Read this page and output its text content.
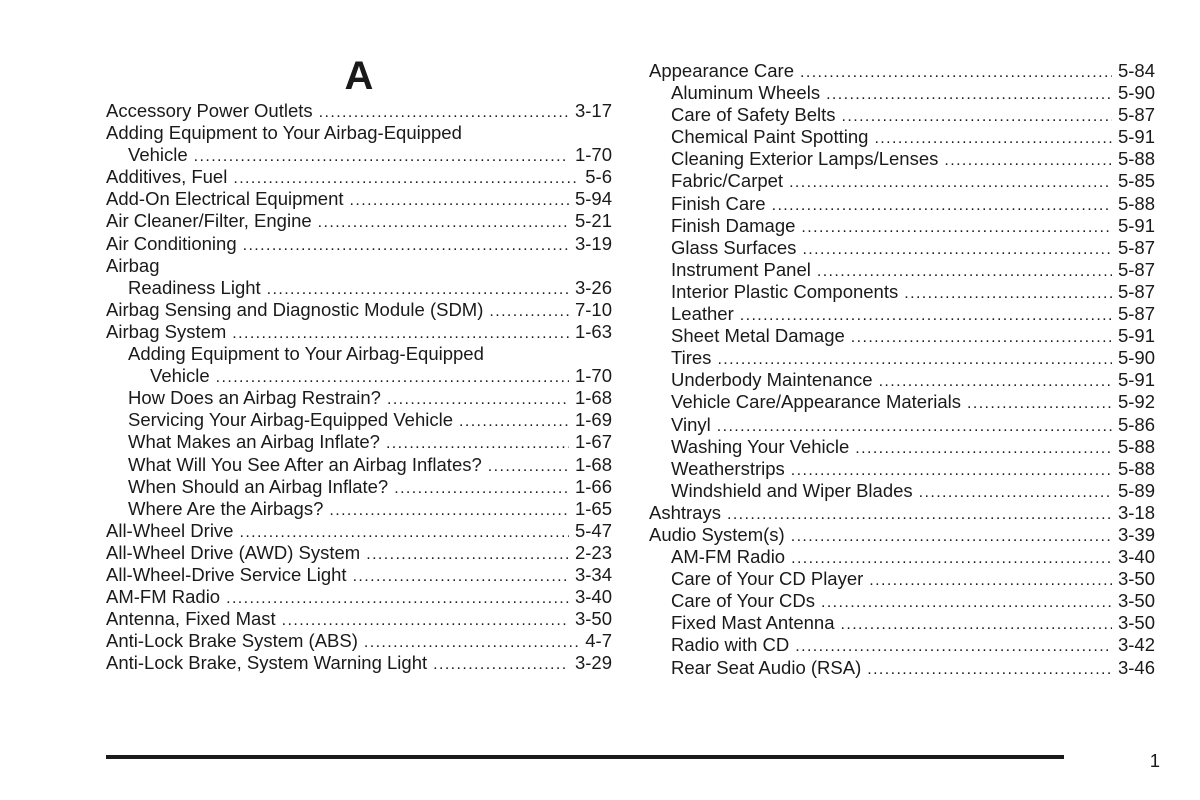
A
Accessory Power Outlets .....	3-17
Adding Equipment to Your Airbag-Equipped
Vehicle .....	1-70
Additives, Fuel .....	5-6
Add-On Electrical Equipment .....	5-94
Air Cleaner/Filter, Engine .....	5-21
Air Conditioning .....	3-19
Airbag
Readiness Light .....	3-26
Airbag Sensing and Diagnostic Module (SDM) .....	7-10
Airbag System .....	1-63
Adding Equipment to Your Airbag-Equipped
Vehicle .....	1-70
How Does an Airbag Restrain? .....	1-68
Servicing Your Airbag-Equipped Vehicle .....	1-69
What Makes an Airbag Inflate? .....	1-67
What Will You See After an Airbag Inflates? .....	1-68
When Should an Airbag Inflate? .....	1-66
Where Are the Airbags? .....	1-65
All-Wheel Drive .....	5-47
All-Wheel Drive (AWD) System .....	2-23
All-Wheel-Drive Service Light .....	3-34
AM-FM Radio .....	3-40
Antenna, Fixed Mast .....	3-50
Anti-Lock Brake System (ABS) .....	4-7
Anti-Lock Brake, System Warning Light .....	3-29
Appearance Care .....	5-84
Aluminum Wheels .....	5-90
Care of Safety Belts .....	5-87
Chemical Paint Spotting .....	5-91
Cleaning Exterior Lamps/Lenses .....	5-88
Fabric/Carpet .....	5-85
Finish Care .....	5-88
Finish Damage .....	5-91
Glass Surfaces .....	5-87
Instrument Panel .....	5-87
Interior Plastic Components .....	5-87
Leather .....	5-87
Sheet Metal Damage .....	5-91
Tires .....	5-90
Underbody Maintenance .....	5-91
Vehicle Care/Appearance Materials .....	5-92
Vinyl .....	5-86
Washing Your Vehicle .....	5-88
Weatherstrips .....	5-88
Windshield and Wiper Blades .....	5-89
Ashtrays .....	3-18
Audio System(s) .....	3-39
AM-FM Radio .....	3-40
Care of Your CD Player .....	3-50
Care of Your CDs .....	3-50
Fixed Mast Antenna .....	3-50
Radio with CD .....	3-42
Rear Seat Audio (RSA) .....	3-46
1
